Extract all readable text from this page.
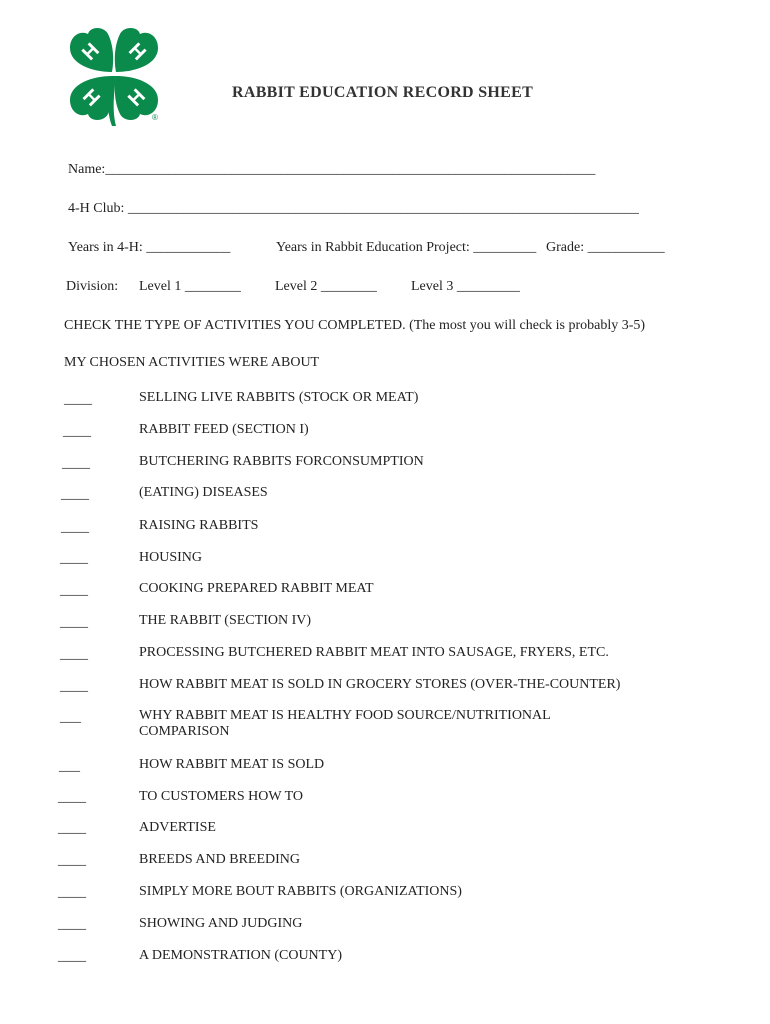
H H
H H
®
RABBIT EDUCATION RECORD SHEET
Name:______________________________________________________________________
4-H Club: _________________________________________________________________________
Years in 4-H: ____________	Years in Rabbit Education Project: _________ Grade: ___________
Division: Level 1 ________ Level 2 ________ Level 3 _________
CHECK THE TYPE OF ACTIVITIES YOU COMPLETED. (The most you will check is probably 3-5)
MY CHOSEN ACTIVITIES WERE ABOUT
____	SELLING LIVE RABBITS (STOCK OR MEAT)
____	RABBIT FEED (SECTION I)
____	BUTCHERING RABBITS FORCONSUMPTION
____	(EATING) DISEASES
____	RAISING RABBITS
____	HOUSING
____	COOKING PREPARED RABBIT MEAT
____	THE RABBIT (SECTION IV)
____	PROCESSING BUTCHERED RABBIT MEAT INTO SAUSAGE, FRYERS, ETC.
____	HOW RABBIT MEAT IS SOLD IN GROCERY STORES (OVER-THE-COUNTER)
___	WHY RABBIT MEAT IS HEALTHY FOOD SOURCE/NUTRITIONAL COMPARISON
___	HOW RABBIT MEAT IS SOLD
____	TO CUSTOMERS HOW TO
____	ADVERTISE
____	BREEDS AND BREEDING
____	SIMPLY MORE BOUT RABBITS (ORGANIZATIONS)
____	SHOWING AND JUDGING
____	A DEMONSTRATION (COUNTY)
